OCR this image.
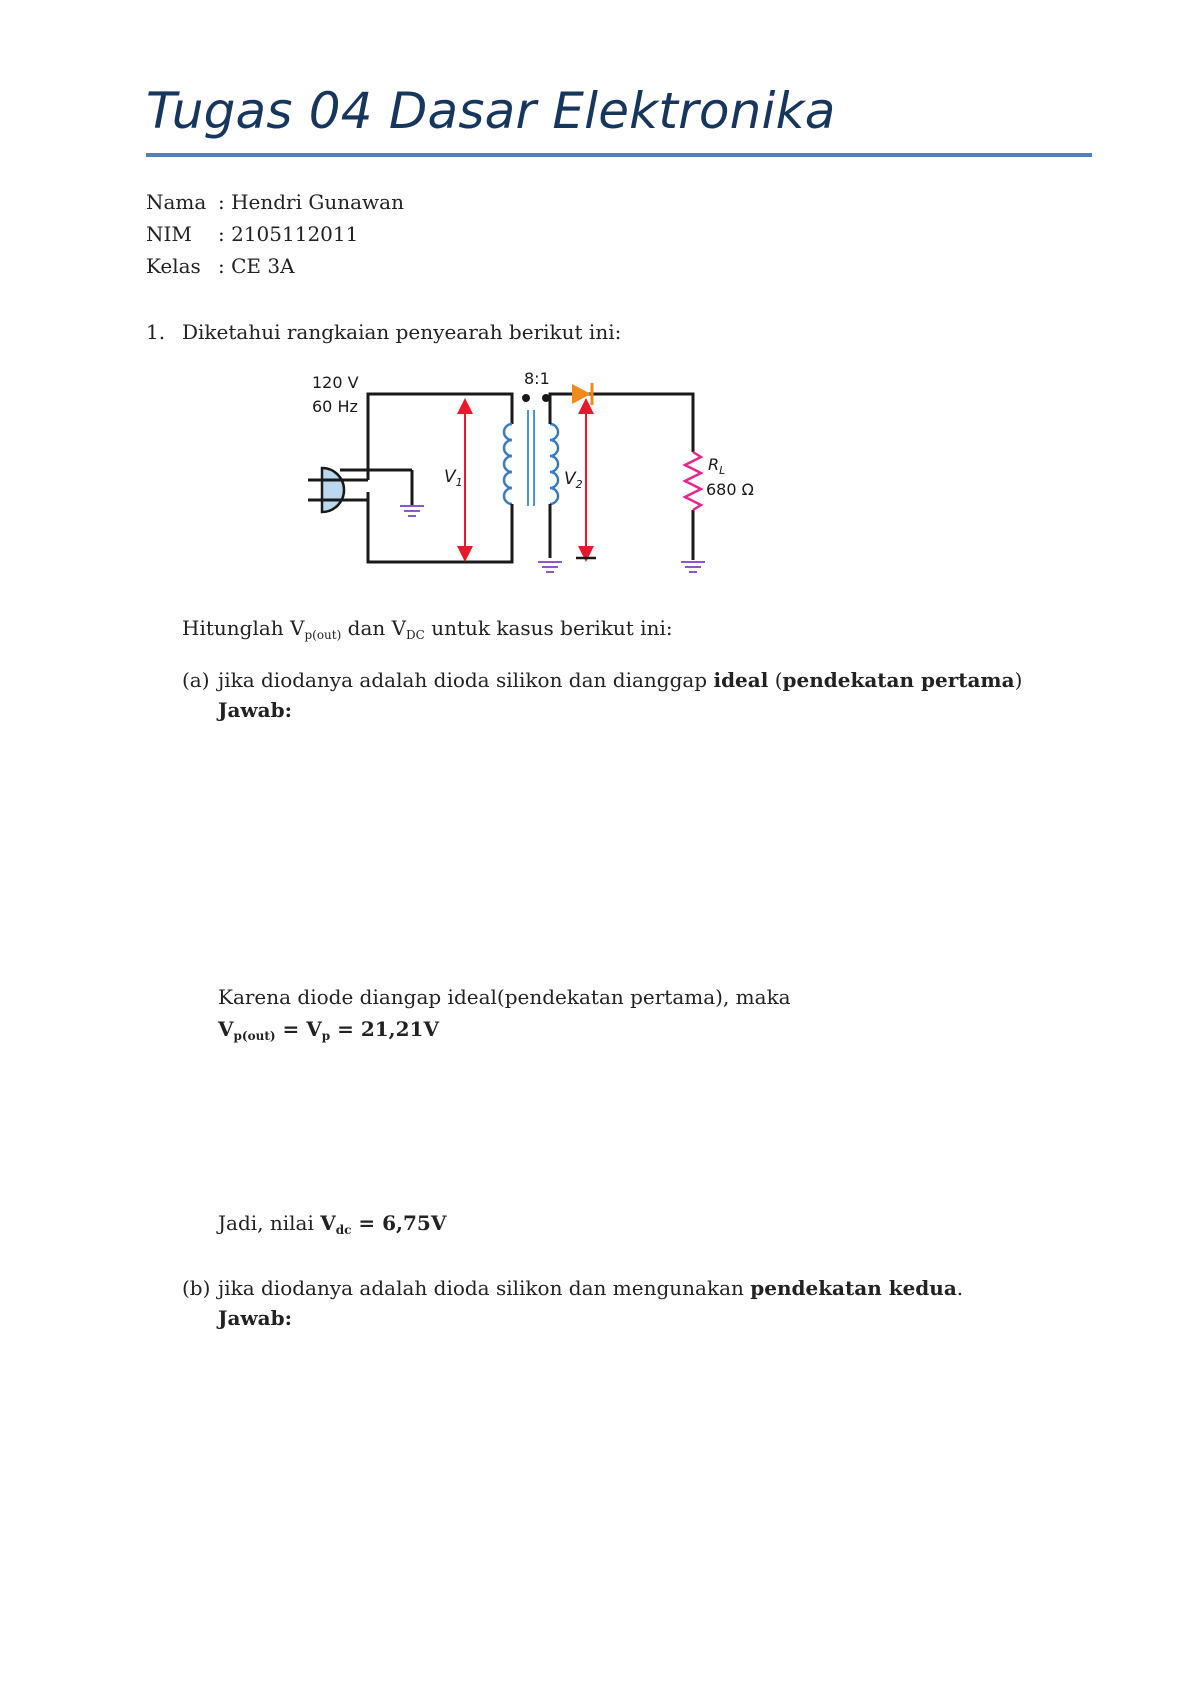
Tugas 04 Dasar Elektronika
Nama : Hendri Gunawan
NIM : 2105112011
Kelas : CE 3A
1. Diketahui rangkaian penyearah berikut ini:
120 V
60 Hz
$V_1$
8:1
$V_2$
$R_L$
680 Ω
Hitunglah $V_{p(out)}$ dan $V_{DC}$ untuk kasus berikut ini:
(a) jika diodanya adalah dioda silikon dan dianggap ideal (pendekatan pertama)
Jawab:
Karena diode diangap ideal(pendekatan pertama), maka
$V_{p(out)} = V_p = 21,21V$
Jadi, nilai $V_{dc} = 6,75V$
(b) jika diodanya adalah dioda silikon dan mengunakan pendekatan kedua.
Jawab:
